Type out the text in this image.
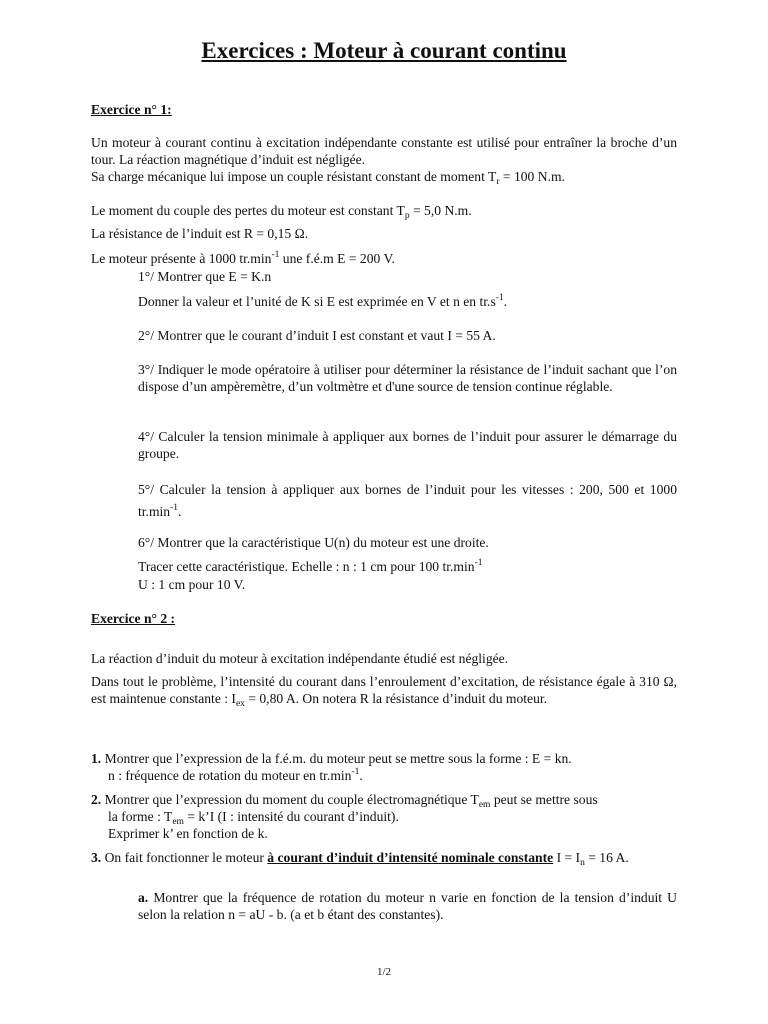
Exercices : Moteur à courant continu
Exercice n° 1:
Un moteur à courant continu à excitation indépendante constante est utilisé pour entraîner la broche d’un tour. La réaction magnétique d’induit est négligée.
Sa charge mécanique lui impose un couple résistant constant de moment $T_r = 100$ N.m.
Le moment du couple des pertes du moteur est constant $T_p = 5,0$ N.m.
La résistance de l’induit est R = 0,15 Ω.
Le moteur présente à 1000 $tr.\min^{-1}$ une f.é.m E = 200 V.
1°/ Montrer que E = K.n
Donner la valeur et l’unité de K si E est exprimée en V et n en $tr.s^{-1}$.
2°/ Montrer que le courant d’induit I est constant et vaut I = 55 A.
3°/ Indiquer le mode opératoire à utiliser pour déterminer la résistance de l’induit sachant que l’on dispose d’un ampèremètre, d’un voltmètre et d'une source de tension continue réglable.
4°/ Calculer la tension minimale à appliquer aux bornes de l’induit pour assurer le démarrage du groupe.
5°/ Calculer la tension à appliquer aux bornes de l’induit pour les vitesses : 200, 500 et 1000 $tr.\min^{-1}$.
6°/ Montrer que la caractéristique U(n) du moteur est une droite.
Tracer cette caractéristique. Echelle : n : 1 cm pour 100 $tr.\min^{-1}$
U : 1 cm pour 10 V.
Exercice n° 2 :
La réaction d’induit du moteur à excitation indépendante étudié est négligée.
Dans tout le problème, l’intensité du courant dans l’enroulement d’excitation, de résistance égale à 310 Ω, est maintenue constante : $I_{ex} = 0,80$ A. On notera R la résistance d’induit du moteur.
1. Montrer que l’expression de la f.é.m. du moteur peut se mettre sous la forme : E = kn.
n : fréquence de rotation du moteur en $tr.\min^{-1}$.
2. Montrer que l’expression du moment du couple électromagnétique $T_{em}$ peut se mettre sous
la forme : $T_{em}$ = k’I (I : intensité du courant d’induit).
Exprimer k’ en fonction de k.
3. On fait fonctionner le moteur à courant d’induit d’intensité nominale constante $I = I_n = 16$ A.
a. Montrer que la fréquence de rotation du moteur n varie en fonction de la tension d’induit U selon la relation n = aU - b. (a et b étant des constantes).
1/2
